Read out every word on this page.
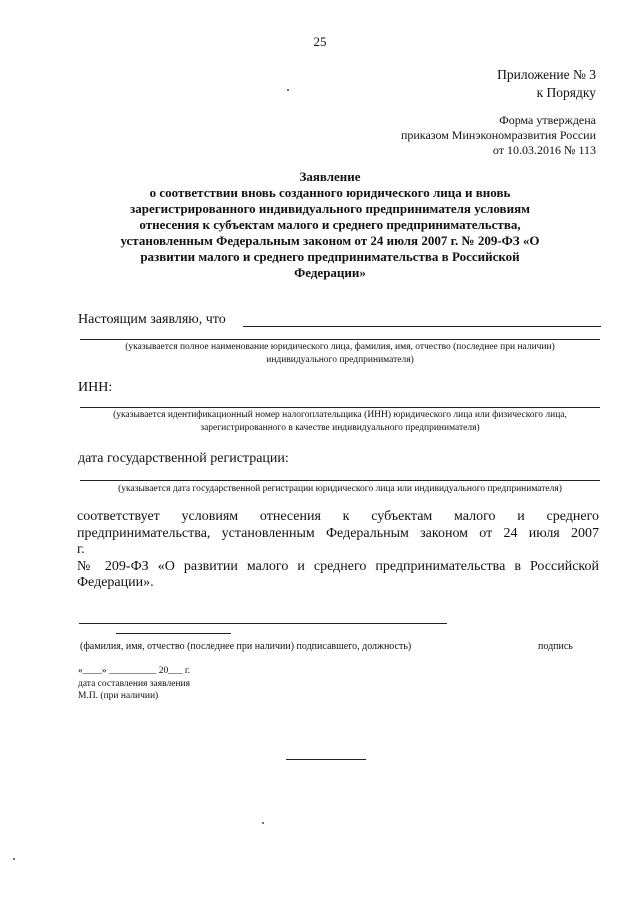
25
Приложение № 3
к Порядку
Форма утверждена
приказом Минэкономразвития России
от 10.03.2016 № 113
Заявление
о соответствии вновь созданного юридического лица и вновь
зарегистрированного индивидуального предпринимателя условиям
отнесения к субъектам малого и среднего предпринимательства,
установленным Федеральным законом от 24 июля 2007 г. № 209-ФЗ «О
развитии малого и среднего предпринимательства в Российской
Федерации»
Настоящим заявляю, что
(указывается полное наименование юридического лица, фамилия, имя, отчество (последнее при наличии)
индивидуального предпринимателя)
ИНН:
(указывается идентификационный номер налогоплательщика (ИНН) юридического лица или физического лица,
зарегистрированного в качестве индивидуального предпринимателя)
дата государственной регистрации:
(указывается дата государственной регистрации юридического лица или индивидуального предпринимателя)
соответствует условиям отнесения к субъектам малого и среднего
предпринимательства, установленным Федеральным законом от 24 июля 2007
г.
№ 209-ФЗ «О развитии малого и среднего предпринимательства в Российской
Федерации».
(фамилия, имя, отчество (последнее при наличии) подписавшего, должность)	подпись
«____» __________ 20___ г.
дата составления заявления
М.П. (при наличии)
